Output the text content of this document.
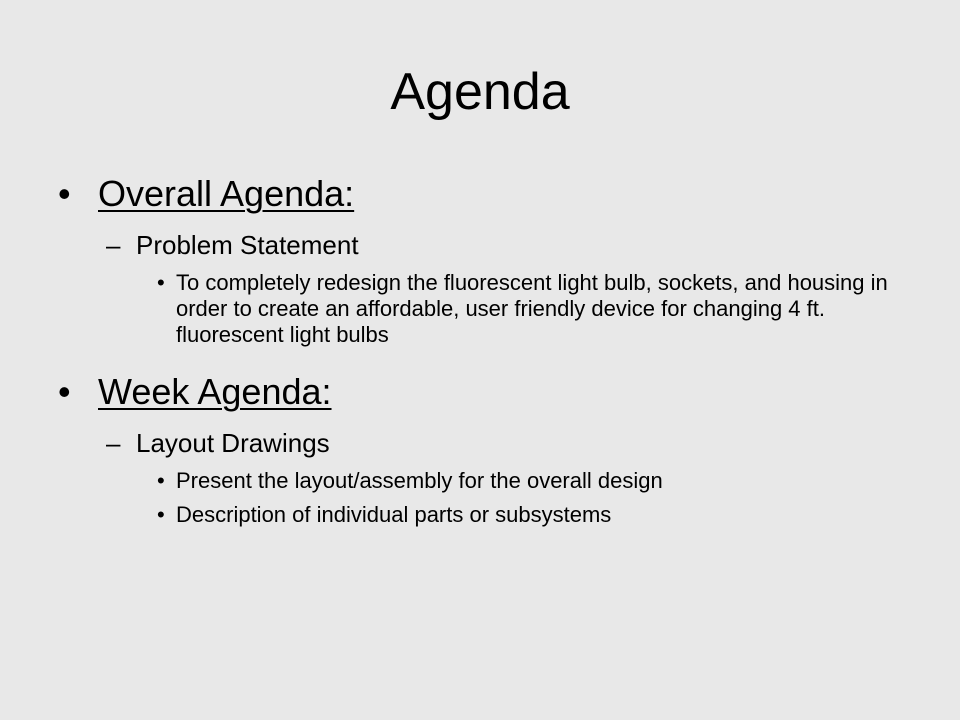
Agenda
• Overall Agenda:
– Problem Statement
• To completely redesign the fluorescent light bulb, sockets, and housing in order to create an affordable, user friendly device for changing 4 ft. fluorescent light bulbs
• Week Agenda:
– Layout Drawings
• Present the layout/assembly for the overall design
• Description of individual parts or subsystems
